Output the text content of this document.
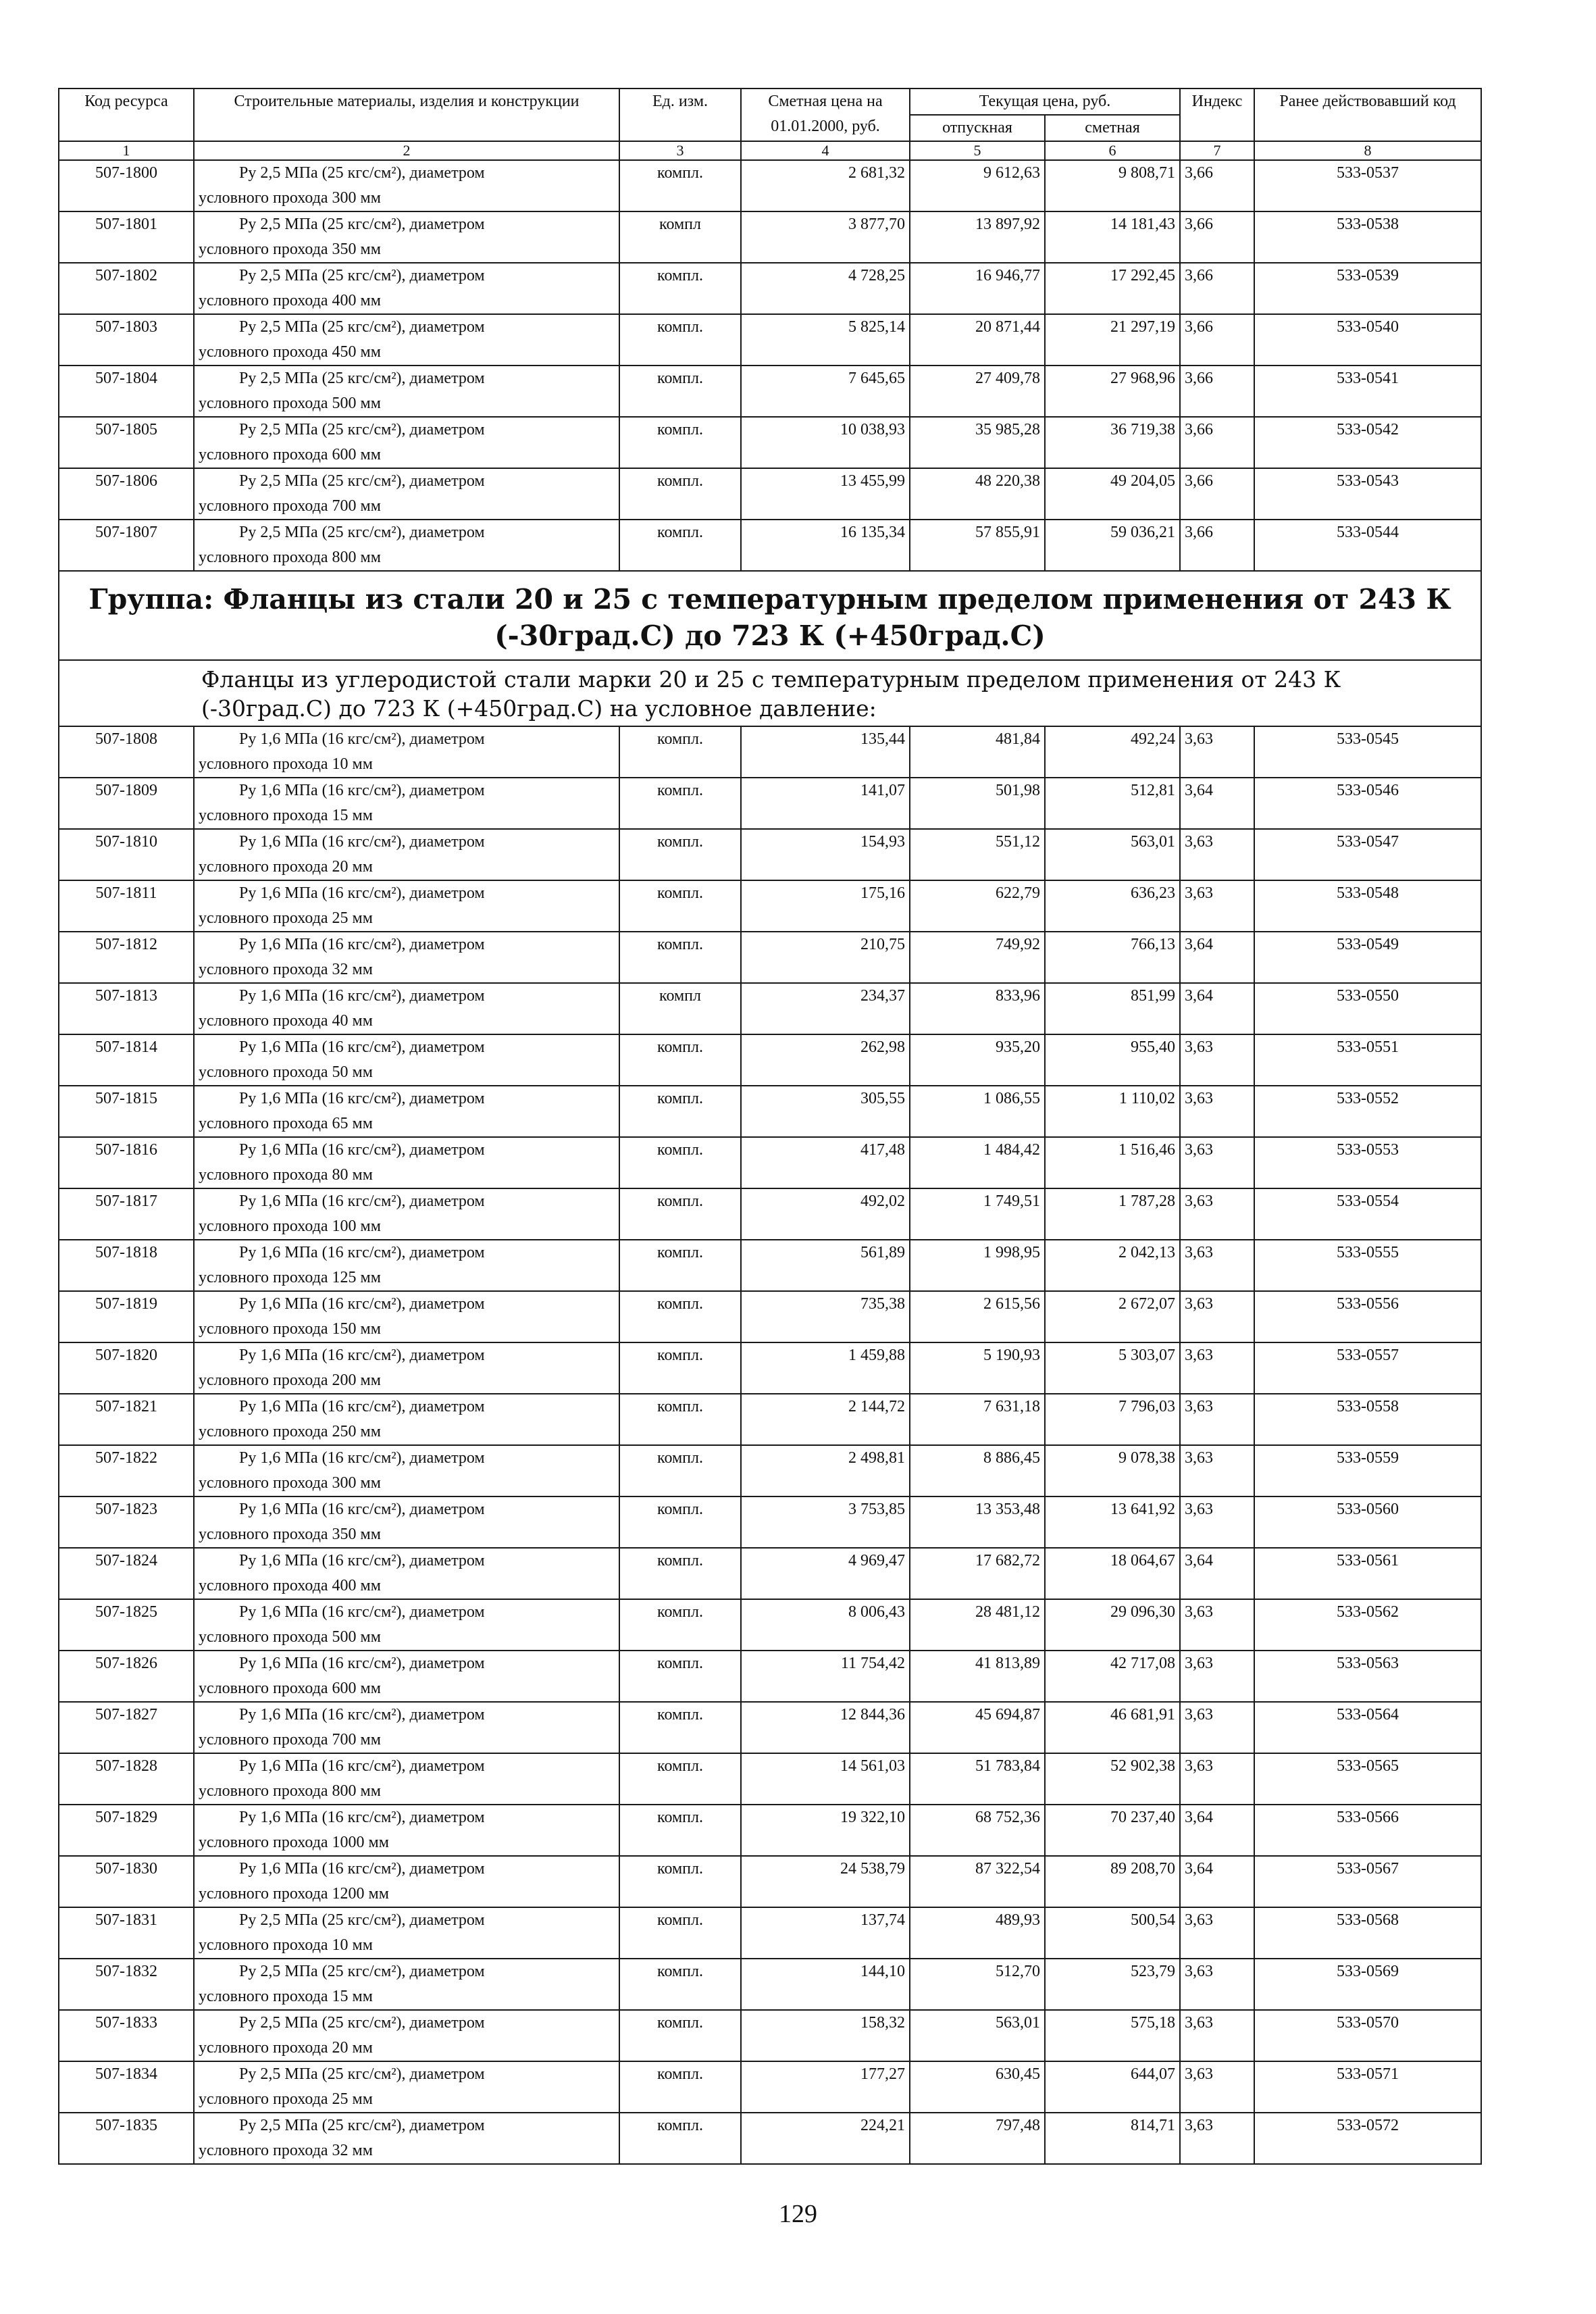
Код ресурса	Строительные материалы, изделия и конструкции	Ед. изм.	Сметная цена на 01.01.2000, руб.	Текущая цена, руб.		Индекс	Ранее действовавший код
				отпускная	сметная		
1	2	3	4	5	6	7	8
507-1800	Ру 2,5 МПа (25 кгс/см²), диаметром
условного прохода 300 мм	компл.	2 681,32	9 612,63	9 808,71	3,66	533-0537
507-1801	Ру 2,5 МПа (25 кгс/см²), диаметром
условного прохода 350 мм	компл	3 877,70	13 897,92	14 181,43	3,66	533-0538
507-1802	Ру 2,5 МПа (25 кгс/см²), диаметром
условного прохода 400 мм	компл.	4 728,25	16 946,77	17 292,45	3,66	533-0539
507-1803	Ру 2,5 МПа (25 кгс/см²), диаметром
условного прохода 450 мм	компл.	5 825,14	20 871,44	21 297,19	3,66	533-0540
507-1804	Ру 2,5 МПа (25 кгс/см²), диаметром
условного прохода 500 мм	компл.	7 645,65	27 409,78	27 968,96	3,66	533-0541
507-1805	Ру 2,5 МПа (25 кгс/см²), диаметром
условного прохода 600 мм	компл.	10 038,93	35 985,28	36 719,38	3,66	533-0542
507-1806	Ру 2,5 МПа (25 кгс/см²), диаметром
условного прохода 700 мм	компл.	13 455,99	48 220,38	49 204,05	3,66	533-0543
507-1807	Ру 2,5 МПа (25 кгс/см²), диаметром
условного прохода 800 мм	компл.	16 135,34	57 855,91	59 036,21	3,66	533-0544
Группа: Фланцы из стали 20 и 25 с температурным пределом применения от 243 К (-30град.С) до 723 К (+450град.С)							
Фланцы из углеродистой стали марки 20 и 25 с температурным пределом применения от 243 К (-30град.С) до 723 К (+450град.С) на условное давление:							
507-1808	Ру 1,6 МПа (16 кгс/см²), диаметром
условного прохода 10 мм	компл.	135,44	481,84	492,24	3,63	533-0545
507-1809	Ру 1,6 МПа (16 кгс/см²), диаметром
условного прохода 15 мм	компл.	141,07	501,98	512,81	3,64	533-0546
507-1810	Ру 1,6 МПа (16 кгс/см²), диаметром
условного прохода 20 мм	компл.	154,93	551,12	563,01	3,63	533-0547
507-1811	Ру 1,6 МПа (16 кгс/см²), диаметром
условного прохода 25 мм	компл.	175,16	622,79	636,23	3,63	533-0548
507-1812	Ру 1,6 МПа (16 кгс/см²), диаметром
условного прохода 32 мм	компл.	210,75	749,92	766,13	3,64	533-0549
507-1813	Ру 1,6 МПа (16 кгс/см²), диаметром
условного прохода 40 мм	компл	234,37	833,96	851,99	3,64	533-0550
507-1814	Ру 1,6 МПа (16 кгс/см²), диаметром
условного прохода 50 мм	компл.	262,98	935,20	955,40	3,63	533-0551
507-1815	Ру 1,6 МПа (16 кгс/см²), диаметром
условного прохода 65 мм	компл.	305,55	1 086,55	1 110,02	3,63	533-0552
507-1816	Ру 1,6 МПа (16 кгс/см²), диаметром
условного прохода 80 мм	компл.	417,48	1 484,42	1 516,46	3,63	533-0553
507-1817	Ру 1,6 МПа (16 кгс/см²), диаметром
условного прохода 100 мм	компл.	492,02	1 749,51	1 787,28	3,63	533-0554
507-1818	Ру 1,6 МПа (16 кгс/см²), диаметром
условного прохода 125 мм	компл.	561,89	1 998,95	2 042,13	3,63	533-0555
507-1819	Ру 1,6 МПа (16 кгс/см²), диаметром
условного прохода 150 мм	компл.	735,38	2 615,56	2 672,07	3,63	533-0556
507-1820	Ру 1,6 МПа (16 кгс/см²), диаметром
условного прохода 200 мм	компл.	1 459,88	5 190,93	5 303,07	3,63	533-0557
507-1821	Ру 1,6 МПа (16 кгс/см²), диаметром
условного прохода 250 мм	компл.	2 144,72	7 631,18	7 796,03	3,63	533-0558
507-1822	Ру 1,6 МПа (16 кгс/см²), диаметром
условного прохода 300 мм	компл.	2 498,81	8 886,45	9 078,38	3,63	533-0559
507-1823	Ру 1,6 МПа (16 кгс/см²), диаметром
условного прохода 350 мм	компл.	3 753,85	13 353,48	13 641,92	3,63	533-0560
507-1824	Ру 1,6 МПа (16 кгс/см²), диаметром
условного прохода 400 мм	компл.	4 969,47	17 682,72	18 064,67	3,64	533-0561
507-1825	Ру 1,6 МПа (16 кгс/см²), диаметром
условного прохода 500 мм	компл.	8 006,43	28 481,12	29 096,30	3,63	533-0562
507-1826	Ру 1,6 МПа (16 кгс/см²), диаметром
условного прохода 600 мм	компл.	11 754,42	41 813,89	42 717,08	3,63	533-0563
507-1827	Ру 1,6 МПа (16 кгс/см²), диаметром
условного прохода 700 мм	компл.	12 844,36	45 694,87	46 681,91	3,63	533-0564
507-1828	Ру 1,6 МПа (16 кгс/см²), диаметром
условного прохода 800 мм	компл.	14 561,03	51 783,84	52 902,38	3,63	533-0565
507-1829	Ру 1,6 МПа (16 кгс/см²), диаметром
условного прохода 1000 мм	компл.	19 322,10	68 752,36	70 237,40	3,64	533-0566
507-1830	Ру 1,6 МПа (16 кгс/см²), диаметром
условного прохода 1200 мм	компл.	24 538,79	87 322,54	89 208,70	3,64	533-0567
507-1831	Ру 2,5 МПа (25 кгс/см²), диаметром
условного прохода 10 мм	компл.	137,74	489,93	500,54	3,63	533-0568
507-1832	Ру 2,5 МПа (25 кгс/см²), диаметром
условного прохода 15 мм	компл.	144,10	512,70	523,79	3,63	533-0569
507-1833	Ру 2,5 МПа (25 кгс/см²), диаметром
условного прохода 20 мм	компл.	158,32	563,01	575,18	3,63	533-0570
507-1834	Ру 2,5 МПа (25 кгс/см²), диаметром
условного прохода 25 мм	компл.	177,27	630,45	644,07	3,63	533-0571
507-1835	Ру 2,5 МПа (25 кгс/см²), диаметром
условного прохода 32 мм	компл.	224,21	797,48	814,71	3,63	533-0572
129
